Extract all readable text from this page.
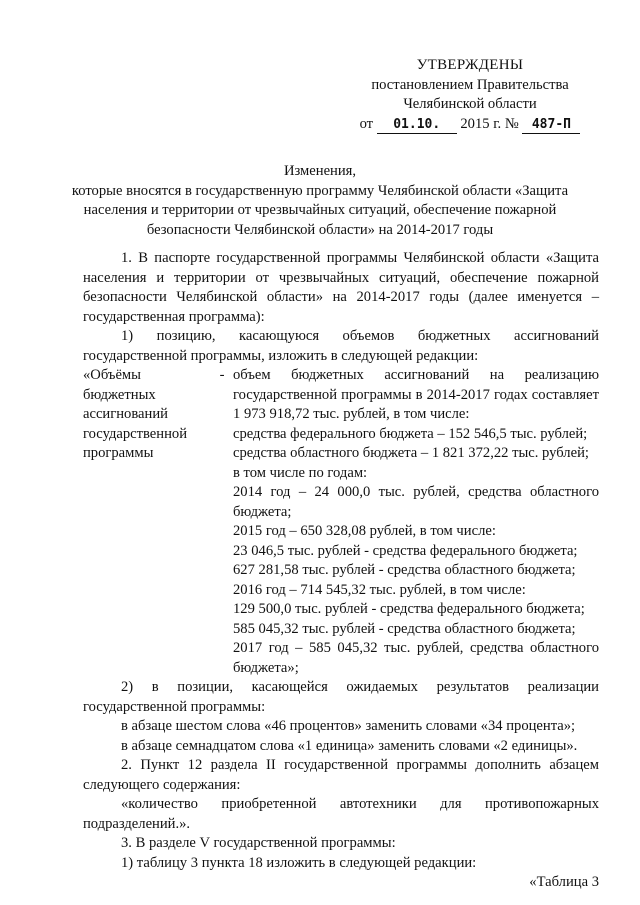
УТВЕРЖДЕНЫ
постановлением Правительства
Челябинской области
от 01.10. 2015 г. № 487-П
Изменения,
которые вносятся в государственную программу Челябинской области «Защита
населения и территории от чрезвычайных ситуаций, обеспечение пожарной
безопасности Челябинской области» на 2014-2017 годы

1. В паспорте государственной программы Челябинской области «Защита населения и территории от чрезвычайных ситуаций, обеспечение пожарной безопасности Челябинской области» на 2014-2017 годы (далее именуется – государственная программа):

1) позицию, касающуюся объемов бюджетных ассигнований государственной программы, изложить в следующей редакции:

«Объёмы бюджетных ассигнований государственной программы
- объем бюджетных ассигнований на реализацию государственной программы в 2014-2017 годах составляет 1 973 918,72 тыс. рублей, в том числе:

средства федерального бюджета – 152 546,5 тыс. рублей;

средства областного бюджета – 1 821 372,22 тыс. рублей;

в том числе по годам:

2014 год – 24 000,0 тыс. рублей, средства областного бюджета;

2015 год – 650 328,08 рублей, в том числе:

23 046,5 тыс. рублей - средства федерального бюджета;

627 281,58 тыс. рублей - средства областного бюджета;

2016 год – 714 545,32 тыс. рублей, в том числе:

129 500,0 тыс. рублей - средства федерального бюджета;

585 045,32 тыс. рублей - средства областного бюджета;

2017 год – 585 045,32 тыс. рублей, средства областного бюджета»;

2) в позиции, касающейся ожидаемых результатов реализации государственной программы:

в абзаце шестом слова «46 процентов» заменить словами «34 процента»;

в абзаце семнадцатом слова «1 единица» заменить словами «2 единицы».

2. Пункт 12 раздела II государственной программы дополнить абзацем следующего содержания:

«количество приобретенной автотехники для противопожарных подразделений.».

3. В разделе V государственной программы:

1) таблицу 3 пункта 18 изложить в следующей редакции:

«Таблица 3
